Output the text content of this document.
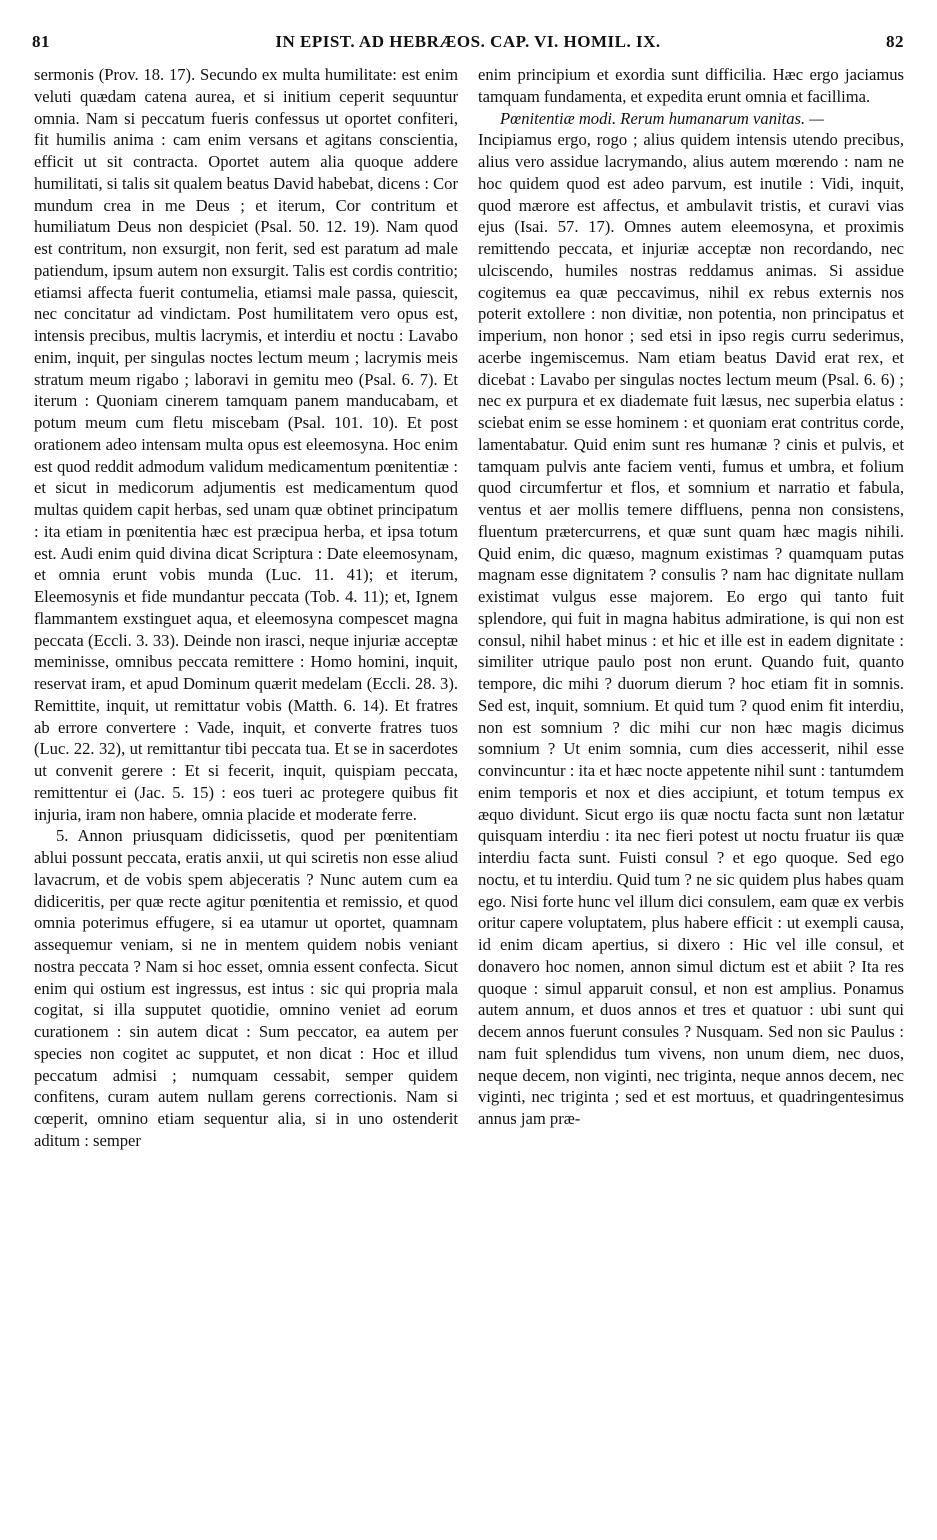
81	IN EPIST. AD HEBRÆOS. CAP. VI. HOMIL. IX.	82

sermonis (Prov. 18. 17). Secundo ex multa humilitate: est enim veluti quædam catena aurea, et si initium ceperit sequuntur omnia. Nam si peccatum fueris confessus ut oportet confiteri, fit humilis anima : cam enim versans et agitans conscientia, efficit ut sit contracta. Oportet autem alia quoque addere humilitati, si talis sit qualem beatus David habebat, dicens : Cor mundum crea in me Deus ; et iterum, Cor contritum et humiliatum Deus non despiciet (Psal. 50. 12. 19). Nam quod est contritum, non exsurgit, non ferit, sed est paratum ad male patiendum, ipsum autem non exsurgit. Talis est cordis contritio; etiamsi affecta fuerit contumelia, etiamsi male passa, quiescit, nec concitatur ad vindictam. Post humilitatem vero opus est, intensis precibus, multis lacrymis, et interdiu et noctu : Lavabo enim, inquit, per singulas noctes lectum meum ; lacrymis meis stratum meum rigabo ; laboravi in gemitu meo (Psal. 6. 7). Et iterum : Quoniam cinerem tamquam panem manducabam, et potum meum cum fletu miscebam (Psal. 101. 10). Et post orationem adeo intensam multa opus est eleemosyna. Hoc enim est quod reddit admodum validum medicamentum pœnitentiæ : et sicut in medicorum adjumentis est medicamentum quod multas quidem capit herbas, sed unam quæ obtinet principatum : ita etiam in pœnitentia hæc est præcipua herba, et ipsa totum est. Audi enim quid divina dicat Scriptura : Date eleemosynam, et omnia erunt vobis munda (Luc. 11. 41); et iterum, Eleemosynis et fide mundantur peccata (Tob. 4. 11); et, Ignem flammantem exstinguet aqua, et eleemosyna compescet magna peccata (Eccli. 3. 33). Deinde non irasci, neque injuriæ acceptæ meminisse, omnibus peccata remittere : Homo homini, inquit, reservat iram, et apud Dominum quærit medelam (Eccli. 28. 3). Remittite, inquit, ut remittatur vobis (Matth. 6. 14). Et fratres ab errore convertere : Vade, inquit, et converte fratres tuos (Luc. 22. 32), ut remittantur tibi peccata tua. Et se in sacerdotes ut convenit gerere : Et si fecerit, inquit, quispiam peccata, remittentur ei (Jac. 5. 15) : eos tueri ac protegere quibus fit injuria, iram non habere, omnia placide et moderate ferre.

5. Annon priusquam didicissetis, quod per pœnitentiam ablui possunt peccata, eratis anxii, ut qui sciretis non esse aliud lavacrum, et de vobis spem abjeceratis ? Nunc autem cum ea didiceritis, per quæ recte agitur pœnitentia et remissio, et quod omnia poterimus effugere, si ea utamur ut oportet, quamnam assequemur veniam, si ne in mentem quidem nobis veniant nostra peccata ? Nam si hoc esset, omnia essent confecta. Sicut enim qui ostium est ingressus, est intus : sic qui propria mala cogitat, si illa supputet quotidie, omnino veniet ad eorum curationem : sin autem dicat : Sum peccator, ea autem per species non cogitet ac supputet, et non dicat : Hoc et illud peccatum admisi ; numquam cessabit, semper quidem confitens, curam autem nullam gerens correctionis. Nam si cœperit, omnino etiam sequentur alia, si in uno ostenderit aditum : semper

enim principium et exordia sunt difficilia. Hæc ergo jaciamus tamquam fundamenta, et expedita erunt omnia et facillima.

Pœnitentiæ modi. Rerum humanarum vanitas. —

Incipiamus ergo, rogo ; alius quidem intensis utendo precibus, alius vero assidue lacrymando, alius autem mœrendo : nam ne hoc quidem quod est adeo parvum, est inutile : Vidi, inquit, quod mærore est affectus, et ambulavit tristis, et curavi vias ejus (Isai. 57. 17). Omnes autem eleemosyna, et proximis remittendo peccata, et injuriæ acceptæ non recordando, nec ulciscendo, humiles nostras reddamus animas. Si assidue cogitemus ea quæ peccavimus, nihil ex rebus externis nos poterit extollere : non divitiæ, non potentia, non principatus et imperium, non honor ; sed etsi in ipso regis curru sederimus, acerbe ingemiscemus. Nam etiam beatus David erat rex, et dicebat : Lavabo per singulas noctes lectum meum (Psal. 6. 6) ; nec ex purpura et ex diademate fuit læsus, nec superbia elatus : sciebat enim se esse hominem : et quoniam erat contritus corde, lamentabatur. Quid enim sunt res humanæ ? cinis et pulvis, et tamquam pulvis ante faciem venti, fumus et umbra, et folium quod circumfertur et flos, et somnium et narratio et fabula, ventus et aer mollis temere diffluens, penna non consistens, fluentum prætercurrens, et quæ sunt quam hæc magis nihili. Quid enim, dic quæso, magnum existimas ? quamquam putas magnam esse dignitatem ? consulis ? nam hac dignitate nullam existimat vulgus esse majorem. Eo ergo qui tanto fuit splendore, qui fuit in magna habitus admiratione, is qui non est consul, nihil habet minus : et hic et ille est in eadem dignitate : similiter utrique paulo post non erunt. Quando fuit, quanto tempore, dic mihi ? duorum dierum ? hoc etiam fit in somnis. Sed est, inquit, somnium. Et quid tum ? quod enim fit interdiu, non est somnium ? dic mihi cur non hæc magis dicimus somnium ? Ut enim somnia, cum dies accesserit, nihil esse convincuntur : ita et hæc nocte appetente nihil sunt : tantumdem enim temporis et nox et dies accipiunt, et totum tempus ex æquo dividunt. Sicut ergo iis quæ noctu facta sunt non lætatur quisquam interdiu : ita nec fieri potest ut noctu fruatur iis quæ interdiu facta sunt. Fuisti consul ? et ego quoque. Sed ego noctu, et tu interdiu. Quid tum ? ne sic quidem plus habes quam ego. Nisi forte hunc vel illum dici consulem, eam quæ ex verbis oritur capere voluptatem, plus habere efficit : ut exempli causa, id enim dicam apertius, si dixero : Hic vel ille consul, et donavero hoc nomen, annon simul dictum est et abiit ? Ita res quoque : simul apparuit consul, et non est amplius. Ponamus autem annum, et duos annos et tres et quatuor : ubi sunt qui decem annos fuerunt consules ? Nusquam. Sed non sic Paulus : nam fuit splendidus tum vivens, non unum diem, nec duos, neque decem, non viginti, nec triginta, neque annos decem, nec viginti, nec triginta ; sed et est mortuus, et quadringentesimus annus jam præ-
